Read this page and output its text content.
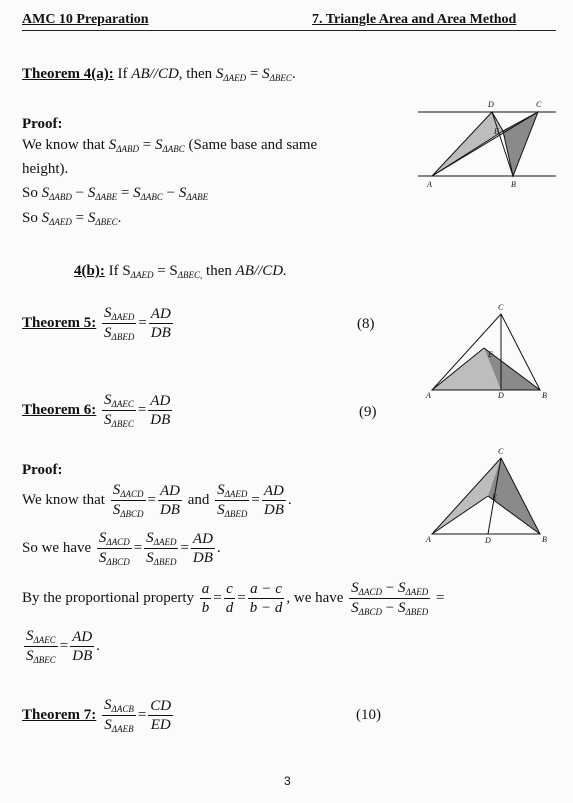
AMC 10 Preparation	7. Triangle Area and Area Method
Theorem 4(a): If AB//CD, then $S_{\Delta AED} = S_{\Delta BEC}$.
Proof:
We know that $S_{\Delta ABD} = S_{\Delta ABC}$ (Same base and same
height).
So $S_{\Delta ABD} - S_{\Delta ABE} = S_{\Delta ABC} - S_{\Delta ABE}$
So $S_{\Delta AED} = S_{\Delta BEC}$.
D	C
E
A	B
4(b): If $S_{\Delta AED} = S_{\Delta BEC,}$ then AB//CD.
Theorem 5: $\frac{S_{\Delta AED}}{S_{\Delta BED}} = \frac{AD}{DB}$	(8)
C
E
A	D	B
Theorem 6: $\frac{S_{\Delta AEC}}{S_{\Delta BEC}} = \frac{AD}{DB}$	(9)
C
E
A	D	B
Proof:
We know that $\frac{S_{\Delta ACD}}{S_{\Delta BCD}} = \frac{AD}{DB}$ and $\frac{S_{\Delta AED}}{S_{\Delta BED}} = \frac{AD}{DB}$ .
So we have $\frac{S_{\Delta ACD}}{S_{\Delta BCD}} = \frac{S_{\Delta AED}}{S_{\Delta BED}} = \frac{AD}{DB}$ .
By the proportional property $\frac{a}{b} = \frac{c}{d} = \frac{a - c}{b - d}$ , we have $\frac{S_{\Delta ACD} - S_{\Delta AED}}{S_{\Delta BCD} - S_{\Delta BED}}$ =
$\frac{S_{\Delta AEC}}{S_{\Delta BEC}} = \frac{AD}{DB}$ .
Theorem 7: $\frac{S_{\Delta ACB}}{S_{\Delta AEB}} = \frac{CD}{ED}$	(10)
3
